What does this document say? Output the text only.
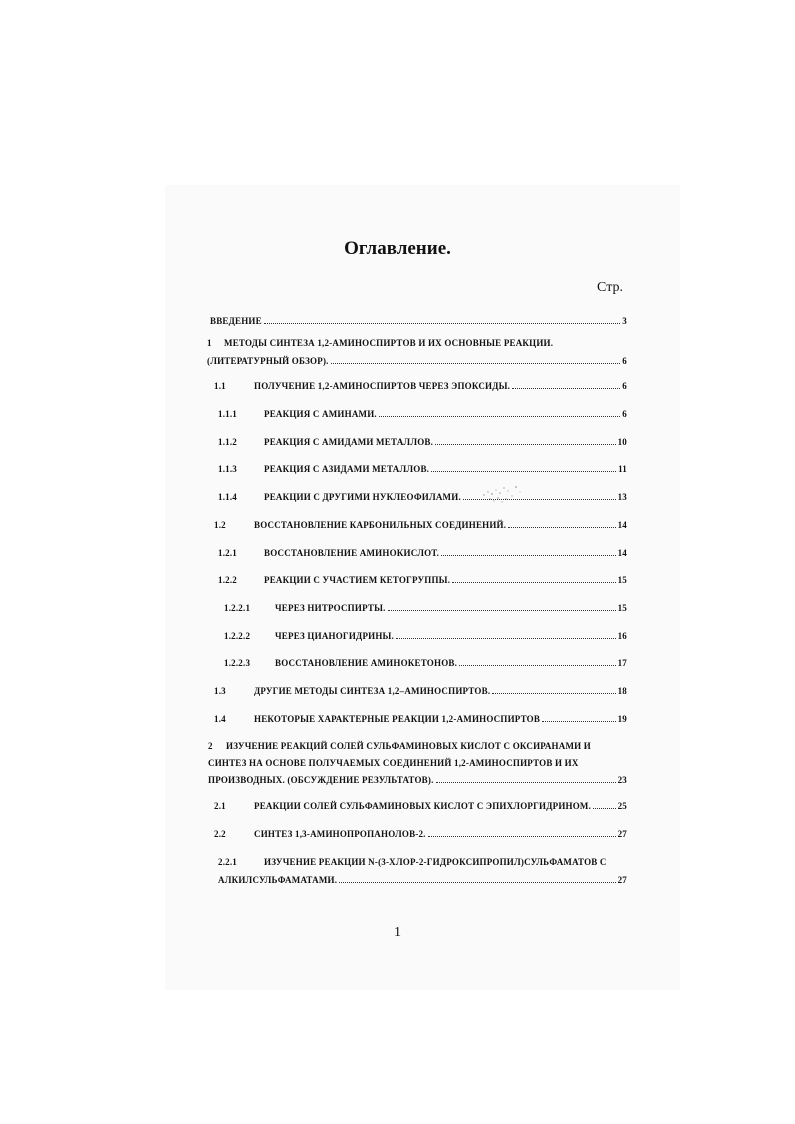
Оглавление.
Стр.
ВВЕДЕНИЕ	3
1	МЕТОДЫ СИНТЕЗА 1,2-АМИНОСПИРТОВ И ИХ ОСНОВНЫЕ РЕАКЦИИ.
(ЛИТЕРАТУРНЫЙ ОБЗОР).	6
1.1	ПОЛУЧЕНИЕ 1,2-АМИНОСПИРТОВ ЧЕРЕЗ ЭПОКСИДЫ.	6
1.1.1	РЕАКЦИЯ С АМИНАМИ.	6
1.1.2	РЕАКЦИЯ С АМИДАМИ МЕТАЛЛОВ.	10
1.1.3	РЕАКЦИЯ С АЗИДАМИ МЕТАЛЛОВ.	11
1.1.4	РЕАКЦИИ С ДРУГИМИ НУКЛЕОФИЛАМИ.	13
1.2	ВОССТАНОВЛЕНИЕ КАРБОНИЛЬНЫХ СОЕДИНЕНИЙ.	14
1.2.1	ВОССТАНОВЛЕНИЕ АМИНОКИСЛОТ.	14
1.2.2	РЕАКЦИИ С УЧАСТИЕМ КЕТОГРУППЫ.	15
1.2.2.1	ЧЕРЕЗ НИТРОСПИРТЫ.	15
1.2.2.2	ЧЕРЕЗ ЦИАНОГИДРИНЫ.	16
1.2.2.3	ВОССТАНОВЛЕНИЕ АМИНОКЕТОНОВ.	17
1.3	ДРУГИЕ МЕТОДЫ СИНТЕЗА 1,2–АМИНОСПИРТОВ.	18
1.4	НЕКОТОРЫЕ ХАРАКТЕРНЫЕ РЕАКЦИИ 1,2-АМИНОСПИРТОВ	19
2	ИЗУЧЕНИЕ РЕАКЦИЙ СОЛЕЙ СУЛЬФАМИНОВЫХ КИСЛОТ С ОКСИРАНАМИ И
СИНТЕЗ НА ОСНОВЕ ПОЛУЧАЕМЫХ СОЕДИНЕНИЙ 1,2-АМИНОСПИРТОВ И ИХ
ПРОИЗВОДНЫХ. (ОБСУЖДЕНИЕ РЕЗУЛЬТАТОВ).	23
2.1	РЕАКЦИИ СОЛЕЙ СУЛЬФАМИНОВЫХ КИСЛОТ С ЭПИХЛОРГИДРИНОМ.	25
2.2	СИНТЕЗ 1,3-АМИНОПРОПАНОЛОВ-2.	27
2.2.1	ИЗУЧЕНИЕ РЕАКЦИИ N-(3-ХЛОР-2-ГИДРОКСИПРОПИЛ)СУЛЬФАМАТОВ С
АЛКИЛСУЛЬФАМАТАМИ.	27
1
